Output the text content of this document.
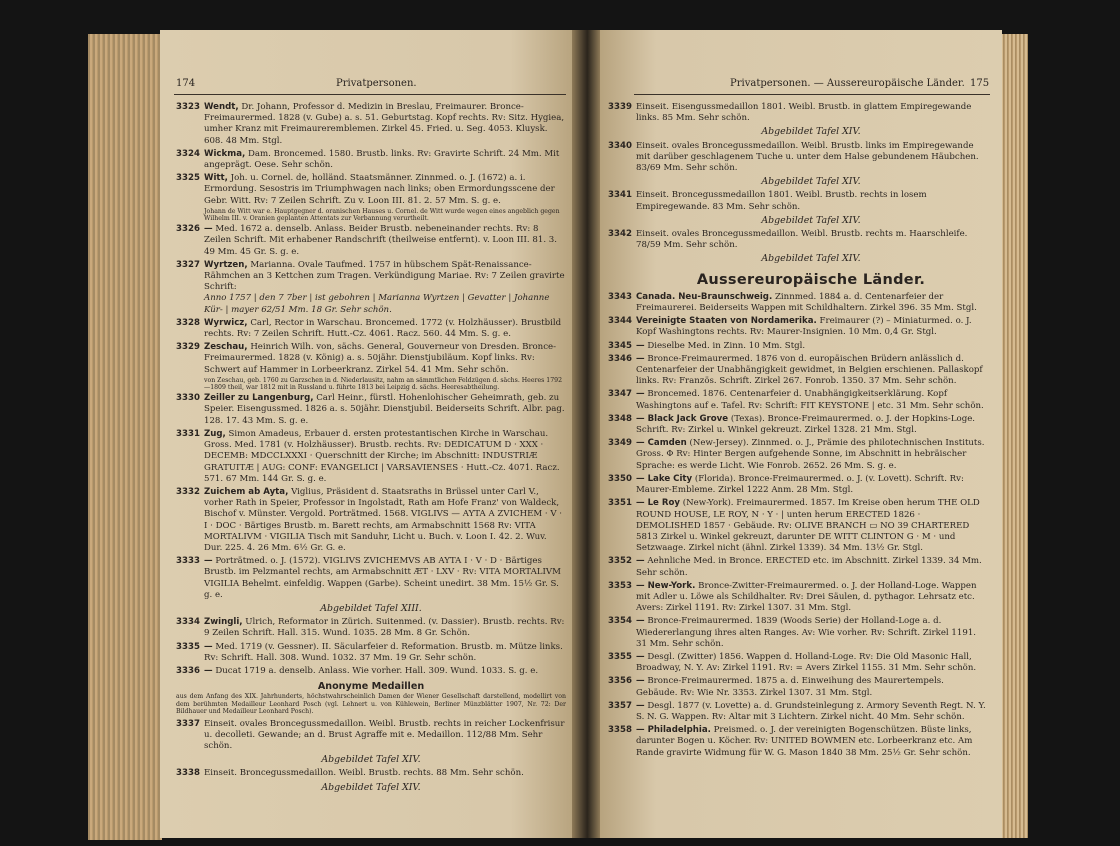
174	Privatpersonen.
3323 Wendt, Dr. Johann, Professor d. Medizin in Breslau, Freimaurer. Bronce-Freimaurermed. 1828 (v. Gube) a. s. 51. Geburtstag. Kopf rechts. Rv: Sitz. Hygiea, umher Kranz mit Freimaureremblemen. Zirkel 45. Fried. u. Seg. 4053. Kluysk. 608. 48 Mm. Stgl.
3324 Wickma, Dam. Broncemed. 1580. Brustb. links. Rv: Gravirte Schrift. 24 Mm. Mit angeprägt. Oese. Sehr schön.
3325 Witt, Joh. u. Cornel. de, holländ. Staatsmänner. Zinnmed. o. J. (1672) a. i. Ermordung. Sesostris im Triumphwagen nach links; oben Ermordungsscene der Gebr. Witt. Rv: 7 Zeilen Schrift. Zu v. Loon III. 81. 2. 57 Mm. S. g. e.
Johann de Witt war e. Hauptgegner d. oranischen Hauses u. Cornel. de Witt wurde wegen eines angeblich gegen Wilhelm III. v. Oranien geplanten Attentats zur Verbannung verurtheilt.
3326 — Med. 1672 a. denselb. Anlass. Beider Brustb. nebeneinander rechts. Rv: 8 Zeilen Schrift. Mit erhabener Randschrift (theilweise entfernt). v. Loon III. 81. 3. 49 Mm. 45 Gr. S. g. e.
3327 Wyrtzen, Marianna. Ovale Taufmed. 1757 in hübschem Spät-Renaissance-Rähmchen an 3 Kettchen zum Tragen. Verkündigung Mariae. Rv: 7 Zeilen gravirte Schrift:
Anno 1757 | den 7 7ber | ist gebohren | Marianna Wyrtzen | Gevatter | Johanne Kür- | mayer 62/51 Mm. 18 Gr. Sehr schön.
3328 Wyrwicz, Carl, Rector in Warschau. Broncemed. 1772 (v. Holzhäusser). Brustbild rechts. Rv: 7 Zeilen Schrift. Hutt.-Cz. 4061. Racz. 560. 44 Mm. S. g. e.
3329 Zeschau, Heinrich Wilh. von, sächs. General, Gouverneur von Dresden. Bronce-Freimaurermed. 1828 (v. König) a. s. 50jähr. Dienstjubiläum. Kopf links. Rv: Schwert auf Hammer in Lorbeerkranz. Zirkel 54. 41 Mm. Sehr schön.
von Zeschau, geb. 1760 zu Garzschen in d. Niederlausitz, nahm an sämmtlichen Feldzügen d. sächs. Heeres 1792—1809 theil, war 1812 mit in Russland u. führte 1813 bei Leipzig d. sächs. Heeresabtheilung.
3330 Zeiller zu Langenburg, Carl Heinr., fürstl. Hohenlohischer Geheimrath, geb. zu Speier. Eisengussmed. 1826 a. s. 50jähr. Dienstjubil. Beiderseits Schrift. Albr. pag. 128. 17. 43 Mm. S. g. e.
3331 Zug, Simon Amadeus, Erbauer d. ersten protestantischen Kirche in Warschau. Gross. Med. 1781 (v. Holzhäusser). Brustb. rechts. Rv: DEDICATUM D · XXX · DECEMB: MDCCLXXXI · Querschnitt der Kirche; im Abschnitt: INDUSTRIÆ GRATUITÆ | AUG: CONF: EVANGELICI | VARSAVIENSES · Hutt.-Cz. 4071. Racz. 571. 67 Mm. 144 Gr. S. g. e.
3332 Zuichem ab Ayta, Viglius, Präsident d. Staatsraths in Brüssel unter Carl V., vorher Rath in Speier, Professor in Ingolstadt, Rath am Hofe Franz' von Waldeck, Bischof v. Münster. Vergold. Porträtmed. 1568. VIGLIVS — AYTA A ZVICHEM · V · I · DOC · Bärtiges Brustb. m. Barett rechts, am Armabschnitt 1568 Rv: VITA MORTALIVM · VIGILIA Tisch mit Sanduhr, Licht u. Buch. v. Loon I. 42. 2. Wuv. Dur. 225. 4. 26 Mm. 6½ Gr. G. e.
3333 — Porträtmed. o. J. (1572). VIGLIVS ZVICHEMVS AB AYTA I · V · D · Bärtiges Brustb. im Pelzmantel rechts, am Armabschnitt ÆT · LXV · Rv: VITA MORTALIVM VIGILIA Behelmt. einfeldig. Wappen (Garbe). Scheint unedirt. 38 Mm. 15½ Gr. S. g. e.
Abgebildet Tafel XIII.
3334 Zwingli, Ulrich, Reformator in Zürich. Suitenmed. (v. Dassier). Brustb. rechts. Rv: 9 Zeilen Schrift. Hall. 315. Wund. 1035. 28 Mm. 8 Gr. Schön.
3335 — Med. 1719 (v. Gessner). II. Säcularfeier d. Reformation. Brustb. m. Mütze links. Rv: Schrift. Hall. 308. Wund. 1032. 37 Mm. 19 Gr. Sehr schön.
3336 — Ducat 1719 a. denselb. Anlass. Wie vorher. Hall. 309. Wund. 1033. S. g. e.
Anonyme Medaillen
aus dem Anfang des XIX. Jahrhunderts, höchstwahrscheinlich Damen der Wiener Gesellschaft darstellend, modellirt von dem berühmten Medailleur Leonhard Posch (vgl. Lehnert u. von Kühlewein, Berliner Münzblätter 1907, Nr. 72: Der Bildhauer und Medailleur Leonhard Posch).
3337 Einseit. ovales Broncegussmedaillon. Weibl. Brustb. rechts in reicher Lockenfrisur u. decolleti. Gewande; an d. Brust Agraffe mit e. Medaillon. 112/88 Mm. Sehr schön.
Abgebildet Tafel XIV.
3338 Einseit. Broncegussmedaillon. Weibl. Brustb. rechts. 88 Mm. Sehr schön.
Abgebildet Tafel XIV.
Privatpersonen. — Aussereuropäische Länder. 175
3339 Einseit. Eisengussmedaillon 1801. Weibl. Brustb. in glattem Empiregewande links. 85 Mm. Sehr schön.
Abgebildet Tafel XIV.
3340 Einseit. ovales Broncegussmedaillon. Weibl. Brustb. links im Empiregewande mit darüber geschlagenem Tuche u. unter dem Halse gebundenem Häubchen. 83/69 Mm. Sehr schön.
Abgebildet Tafel XIV.
3341 Einseit. Broncegussmedaillon 1801. Weibl. Brustb. rechts in losem Empiregewande. 83 Mm. Sehr schön.
Abgebildet Tafel XIV.
3342 Einseit. ovales Broncegussmedaillon. Weibl. Brustb. rechts m. Haarschleife. 78/59 Mm. Sehr schön.
Abgebildet Tafel XIV.
Aussereuropäische Länder.
3343 Canada. Neu-Braunschweig. Zinnmed. 1884 a. d. Centenarfeier der Freimaurerei. Beiderseits Wappen mit Schildhaltern. Zirkel 396. 35 Mm. Stgl.
3344 Vereinigte Staaten von Nordamerika. Freimaurer (?) – Miniaturmed. o. J. Kopf Washingtons rechts. Rv: Maurer-Insignien. 10 Mm. 0,4 Gr. Stgl.
3345 — Dieselbe Med. in Zinn. 10 Mm. Stgl.
3346 — Bronce-Freimaurermed. 1876 von d. europäischen Brüdern anlässlich d. Centenarfeier der Unabhängigkeit gewidmet, in Belgien erschienen. Pallaskopf links. Rv: Französ. Schrift. Zirkel 267. Fonrob. 1350. 37 Mm. Sehr schön.
3347 — Broncemed. 1876. Centenarfeier d. Unabhängigkeitserklärung. Kopf Washingtons auf e. Tafel. Rv: Schrift: FIT KEYSTONE | etc. 31 Mm. Sehr schön.
3348 — Black Jack Grove (Texas). Bronce-Freimaurermed. o. J. der Hopkins-Loge. Schrift. Rv: Zirkel u. Winkel gekreuzt. Zirkel 1328. 21 Mm. Stgl.
3349 — Camden (New-Jersey). Zinnmed. o. J., Prämie des philotechnischen Instituts. Gross. Φ Rv: Hinter Bergen aufgehende Sonne, im Abschnitt in hebräischer Sprache: es werde Licht. Wie Fonrob. 2652. 26 Mm. S. g. e.
3350 — Lake City (Florida). Bronce-Freimaurermed. o. J. (v. Lovett). Schrift. Rv: Maurer-Embleme. Zirkel 1222 Anm. 28 Mm. Stgl.
3351 — Le Roy (New-York). Freimaurermed. 1857. Im Kreise oben herum THE OLD ROUND HOUSE, LE ROY, N · Y · | unten herum ERECTED 1826 · DEMOLISHED 1857 · Gebäude. Rv: OLIVE BRANCH ▭ NO 39 CHARTERED 5813 Zirkel u. Winkel gekreuzt, darunter DE WITT CLINTON G · M · und Setzwaage. Zirkel nicht (ähnl. Zirkel 1339). 34 Mm. 13½ Gr. Stgl.
3352 — Aehnliche Med. in Bronce. ERECTED etc. im Abschnitt. Zirkel 1339. 34 Mm. Sehr schön.
3353 — New-York. Bronce-Zwitter-Freimaurermed. o. J. der Holland-Loge. Wappen mit Adler u. Löwe als Schildhalter. Rv: Drei Säulen, d. pythagor. Lehrsatz etc. Avers: Zirkel 1191. Rv: Zirkel 1307. 31 Mm. Stgl.
3354 — Bronce-Freimaurermed. 1839 (Woods Serie) der Holland-Loge a. d. Wiedererlangung ihres alten Ranges. Av: Wie vorher. Rv: Schrift. Zirkel 1191. 31 Mm. Sehr schön.
3355 — Desgl. (Zwitter) 1856. Wappen d. Holland-Loge. Rv: Die Old Masonic Hall, Broadway, N. Y. Av: Zirkel 1191. Rv: = Avers Zirkel 1155. 31 Mm. Sehr schön.
3356 — Bronce-Freimaurermed. 1875 a. d. Einweihung des Maurertempels. Gebäude. Rv: Wie Nr. 3353. Zirkel 1307. 31 Mm. Stgl.
3357 — Desgl. 1877 (v. Lovette) a. d. Grundsteinlegung z. Armory Seventh Regt. N. Y. S. N. G. Wappen. Rv: Altar mit 3 Lichtern. Zirkel nicht. 40 Mm. Sehr schön.
3358 — Philadelphia. Preismed. o. J. der vereinigten Bogenschützen. Büste links, darunter Bogen u. Köcher. Rv: UNITED BOWMEN etc. Lorbeerkranz etc. Am Rande gravirte Widmung für W. G. Mason 1840 38 Mm. 25½ Gr. Sehr schön.
